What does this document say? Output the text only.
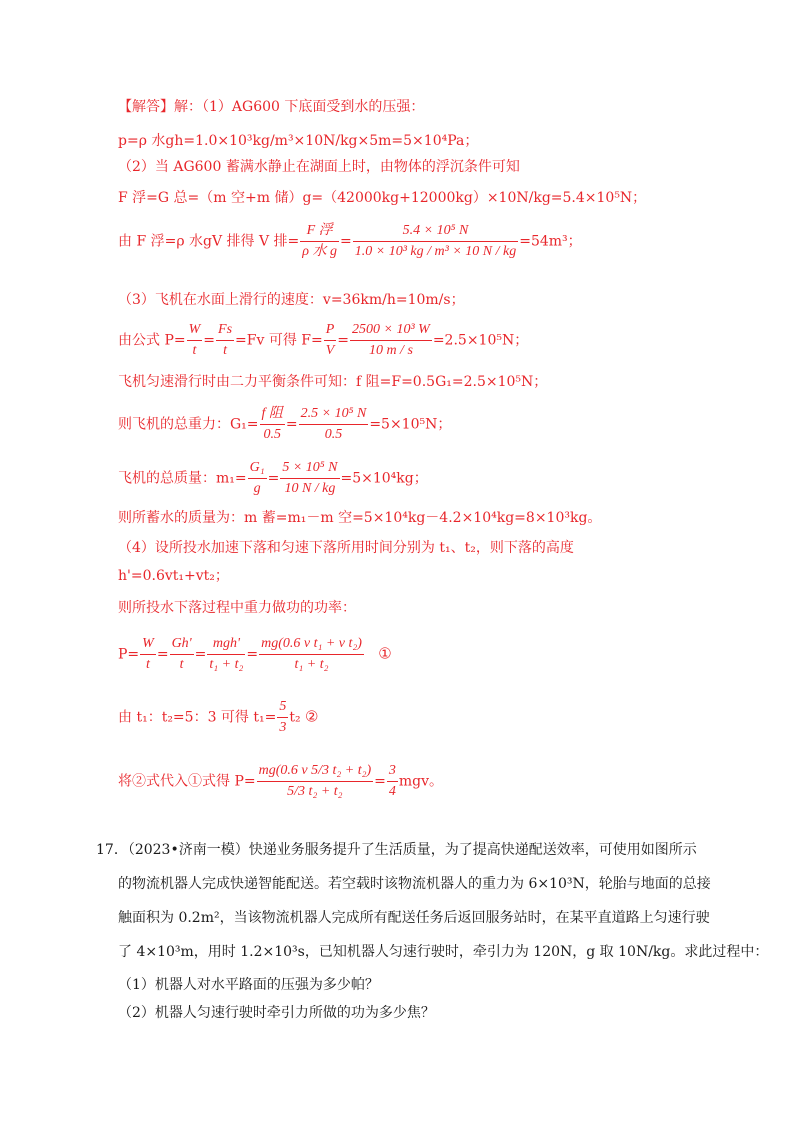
【解答】解：（1）AG600 下底面受到水的压强：
p=ρ 水gh=1.0×10³kg/m³×10N/kg×5m=5×10⁴Pa；
（2）当 AG600 蓄满水静止在湖面上时，由物体的浮沉条件可知
F 浮=G 总=（m 空+m 储）g=（42000kg+12000kg）×10N/kg=5.4×10⁵N；
由 F 浮=ρ 水gV 排得 V 排= $\frac{\text{F 浮}}{\text{ρ 水 g}} = \frac{\text{5.4 × 10⁵ N}}{\text{1.0 × 10³ kg / m³ × 10 N / kg}} =54m^3$；
（3）飞机在水面上滑行的速度：v=36km/h=10m/s；
由公式 $P= \frac{W}{t} = \frac{Fs}{t} =Fv$ 可得 $F= \frac{P}{V} = \frac{\text{2500 × 10³ W}}{10 m / s} =2.5\times 10^5N$；
飞机匀速滑行时由二力平衡条件可知：f 阻=F=0.5G₁=2.5×10⁵N；
则飞机的总重力：$G_1= \frac{\text{f 阻}}{0.5} = \frac{\text{2.5 × 10⁵ N}}{0.5} =5\times 10^5N$；
飞机的总质量：$m_1= \frac{\text{G₁}}{g} = \frac{\text{5 × 10⁵ N}}{10 N / kg} =5\times 10^4kg$；
则所蓄水的质量为：m 蓄=m₁－m 空=5×10⁴kg－4.2×10⁴kg=8×10³kg。
（4）设所投水加速下落和匀速下落所用时间分别为 t₁、t₂，则下落的高度
h'=0.6vt₁+vt₂；
则所投水下落过程中重力做功的功率：
$P= \frac{W}{t} = \frac{Gh'}{t} = \frac{\text{mgh'}}{\text{t₁ + t₂}} = \frac{\text{mg(0.6 v t₁ + v t₂)}}{\text{t₁ + t₂}}$ ①
由 t₁：t₂=5：3 可得 $t_1= \frac{5}{3} t_2$ ②
将②式代入①式得 $P= \frac{\text{mg(0.6 v 5/3 t₂ + t₂)}}{\text{5/3 t₂ + t₂}} = \frac{3}{4}$ mgv。
17．（2023•济南一模）快递业务服务提升了生活质量，为了提高快递配送效率，可使用如图所示
的物流机器人完成快递智能配送。若空载时该物流机器人的重力为 6×10³N，轮胎与地面的总接
触面积为 0.2m²，当该物流机器人完成所有配送任务后返回服务站时，在某平直道路上匀速行驶
了 4×10³m，用时 1.2×10³s，已知机器人匀速行驶时，牵引力为 120N，g 取 10N/kg。求此过程中：
（1）机器人对水平路面的压强为多少帕？
（2）机器人匀速行驶时牵引力所做的功为多少焦？
